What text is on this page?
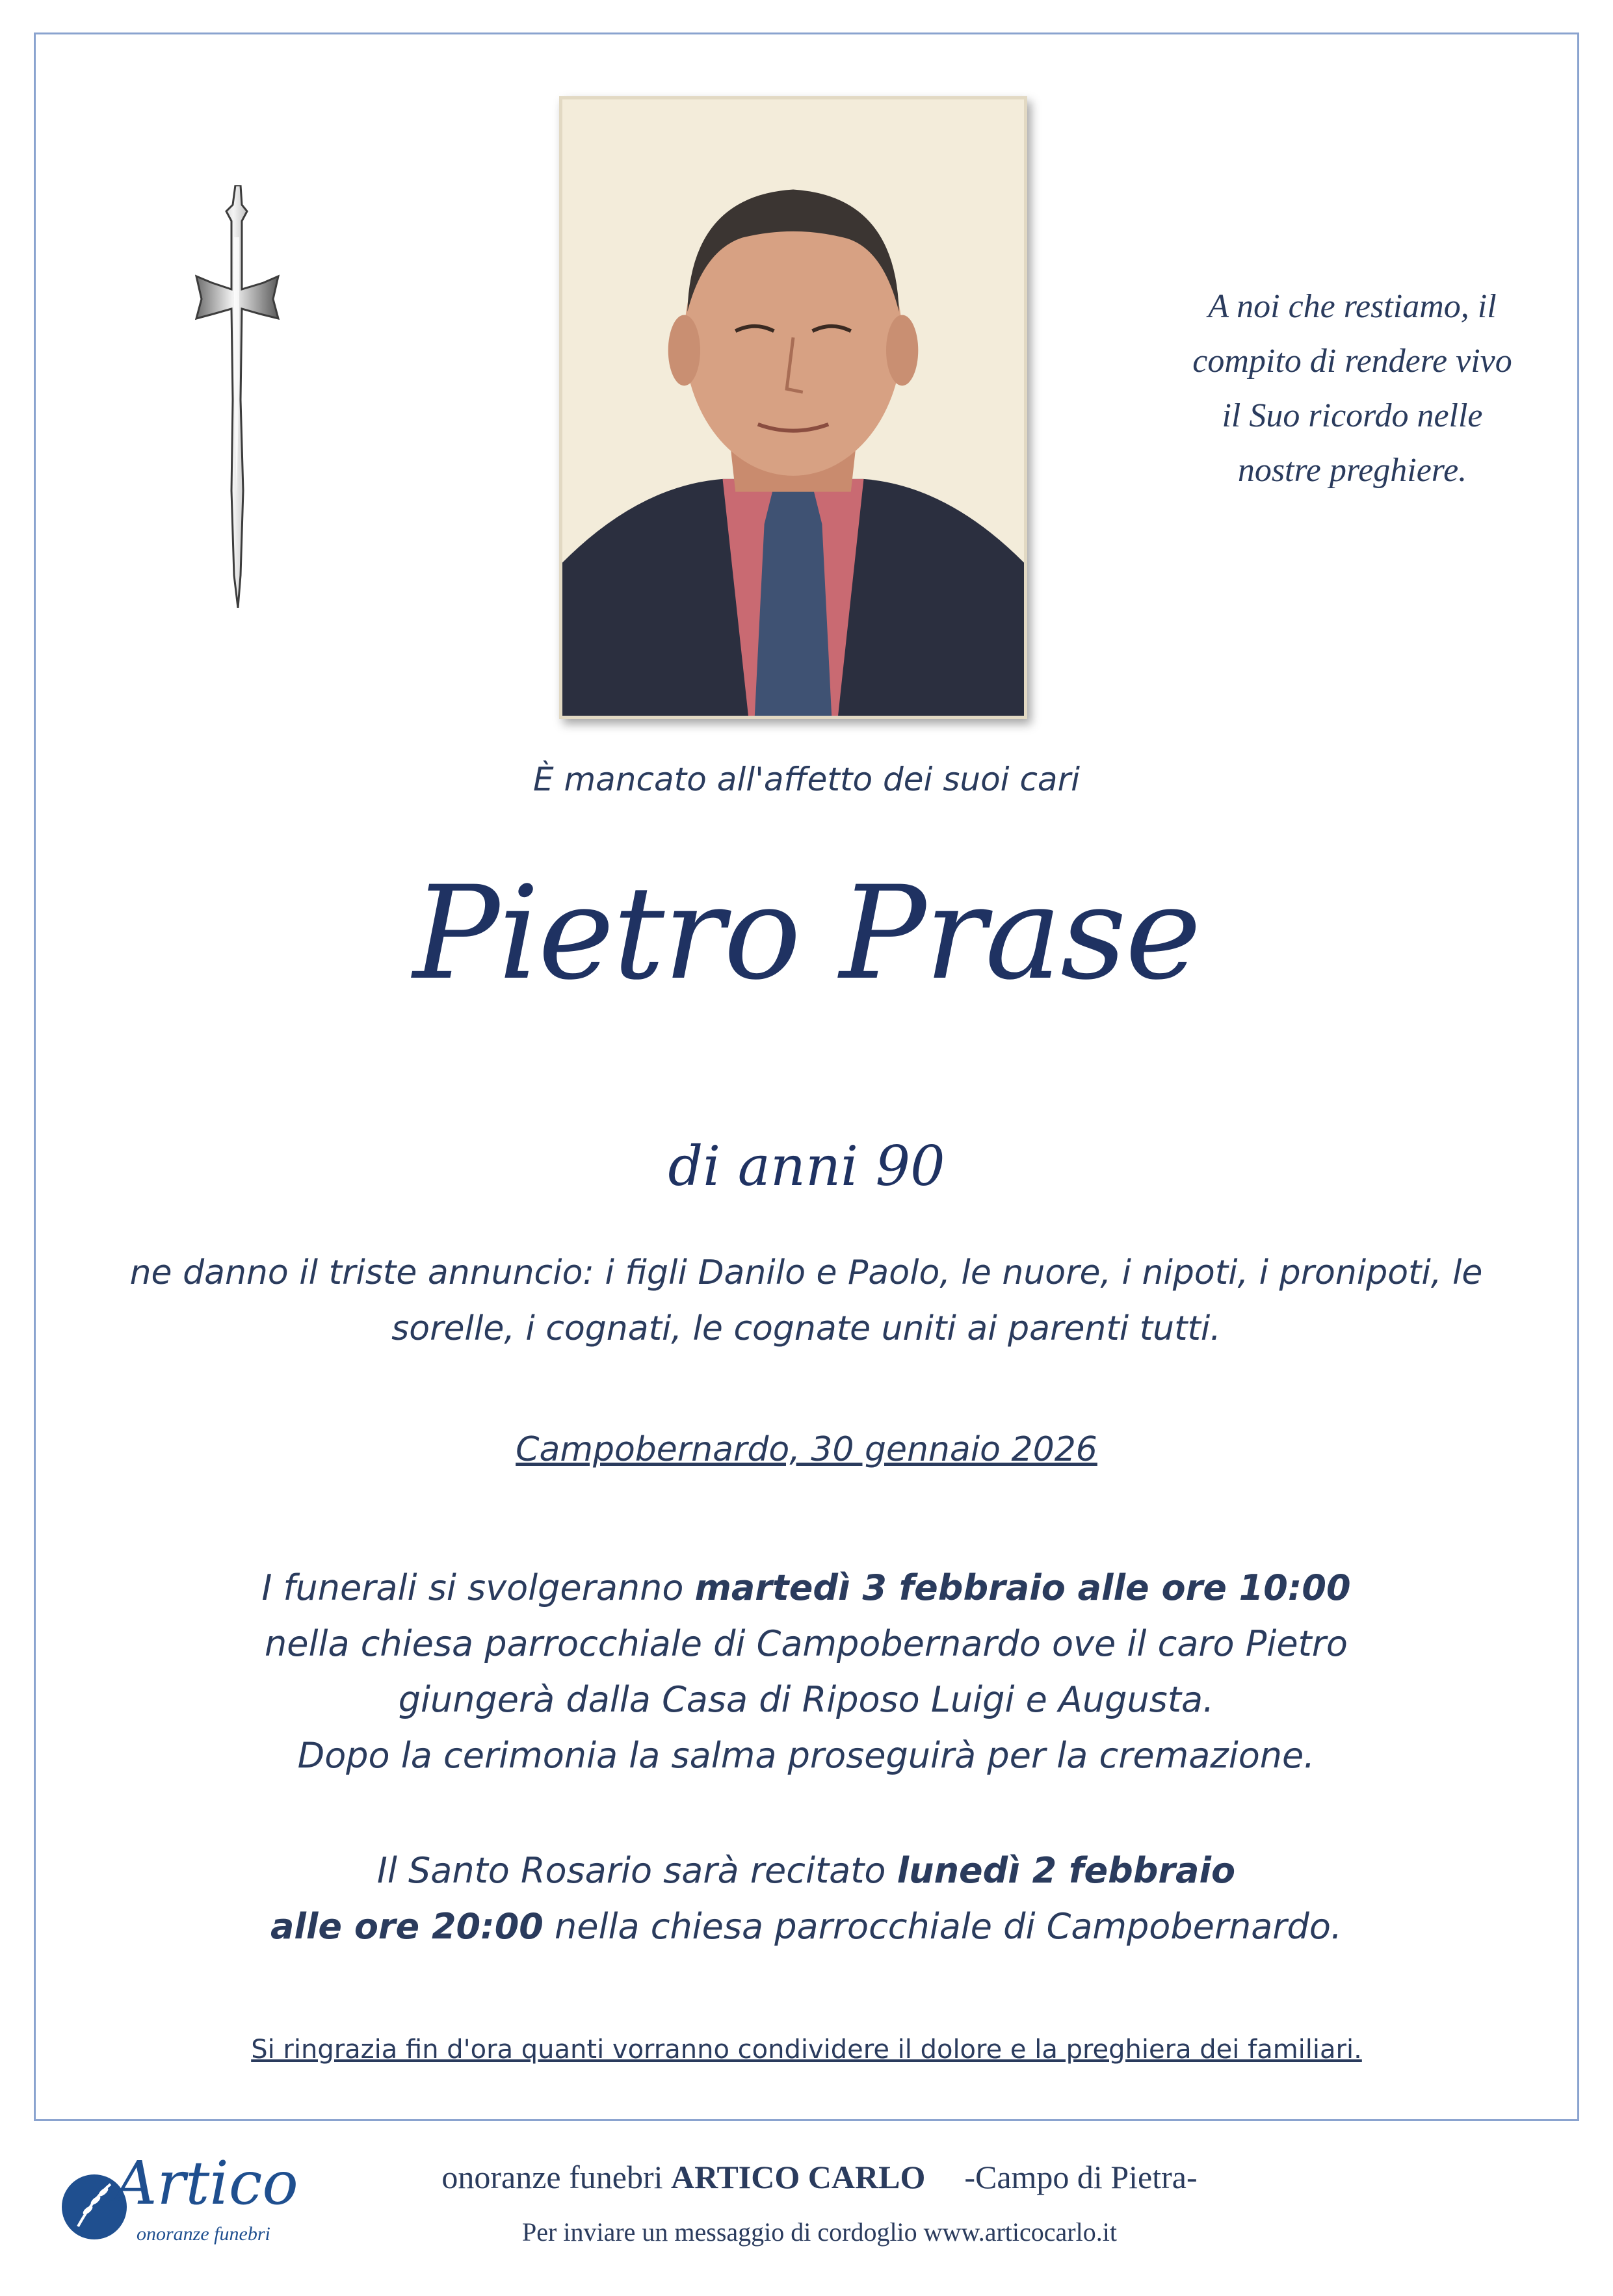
A noi che restiamo, il
compito di rendere vivo
il Suo ricordo nelle
nostre preghiere.
È mancato all'affetto dei suoi cari
Pietro Prase
di anni 90
ne danno il triste annuncio: i figli Danilo e Paolo, le nuore, i nipoti, i pronipoti, le sorelle, i cognati, le cognate uniti ai parenti tutti.
Campobernardo, 30 gennaio 2026
I funerali si svolgeranno martedì 3 febbraio alle ore 10:00
nella chiesa parrocchiale di Campobernardo ove il caro Pietro
giungerà dalla Casa di Riposo Luigi e Augusta.
Dopo la cerimonia la salma proseguirà per la cremazione.
Il Santo Rosario sarà recitato lunedì 2 febbraio
alle ore 20:00 nella chiesa parrocchiale di Campobernardo.
Si ringrazia fin d'ora quanti vorranno condividere il dolore e la preghiera dei familiari.
Artico
onoranze funebri
onoranze funebri ARTICO CARLO -Campo di Pietra-
Per inviare un messaggio di cordoglio www.articocarlo.it
